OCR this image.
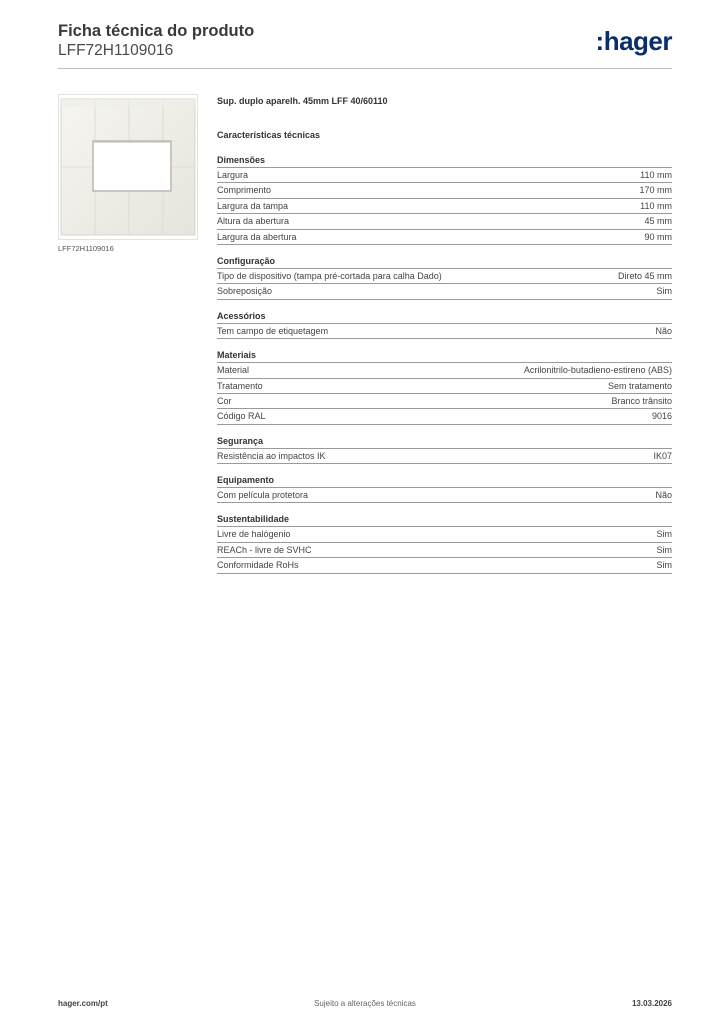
Ficha técnica do produto
LFF72H1109016	:hager
LFF72H1109016
Sup. duplo aparelh. 45mm LFF 40/60110
Características técnicas
Dimensões
Largura	110 mm
Comprimento	170 mm
Largura da tampa	110 mm
Altura da abertura	45 mm
Largura da abertura	90 mm
Configuração
Tipo de dispositivo (tampa pré-cortada para calha Dado)	Direto 45 mm
Sobreposição	Sim
Acessórios
Tem campo de etiquetagem	Não
Materiais
Material	Acrilonitrilo-butadieno-estireno (ABS)
Tratamento	Sem tratamento
Cor	Branco trânsito
Código RAL	9016
Segurança
Resistência ao impactos IK	IK07
Equipamento
Com película protetora	Não
Sustentabilidade
Livre de halógenio	Sim
REACh - livre de SVHC	Sim
Conformidade RoHs	Sim
hager.com/pt	Sujeito a alterações técnicas	13.03.2026
